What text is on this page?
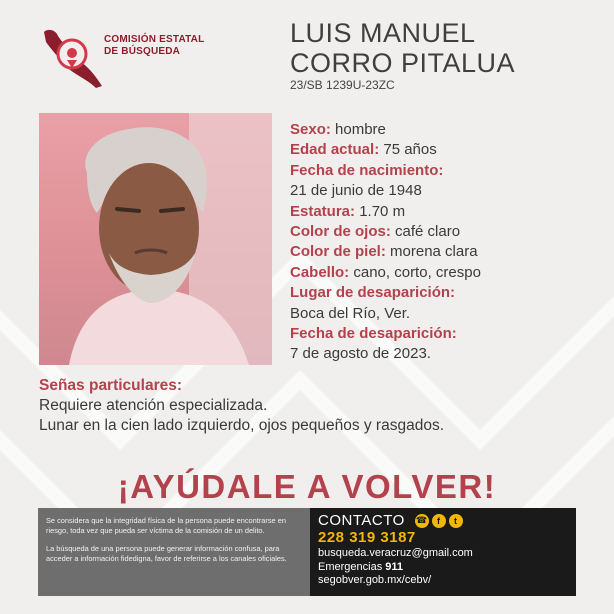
COMISIÓN ESTATAL
DE BÚSQUEDA
LUIS MANUEL
CORRO PITALUA
23/SB 1239U-23ZC
Sexo: hombre
Edad actual: 75 años
Fecha de nacimiento:
21 de junio de 1948
Estatura: 1.70 m
Color de ojos: café claro
Color de piel: morena clara
Cabello: cano, corto, crespo
Lugar de desaparición:
Boca del Río, Ver.
Fecha de desaparición:
7 de agosto de 2023.
Señas particulares:
Requiere atención especializada.
Lunar en la cien lado izquierdo, ojos pequeños y rasgados.
¡AYÚDALE A VOLVER!

Se considera que la integridad física de la persona puede encontrarse en riesgo, toda vez que pueda ser víctima de la comisión de un delito.

La búsqueda de una persona puede generar información confusa, para acceder a información fidedigna, favor de referirse a los canales oficiales.

CONTACTO ☎	f	t
228 319 3187
busqueda.veracruz@gmail.com
Emergencias 911
segobver.gob.mx/cebv/
